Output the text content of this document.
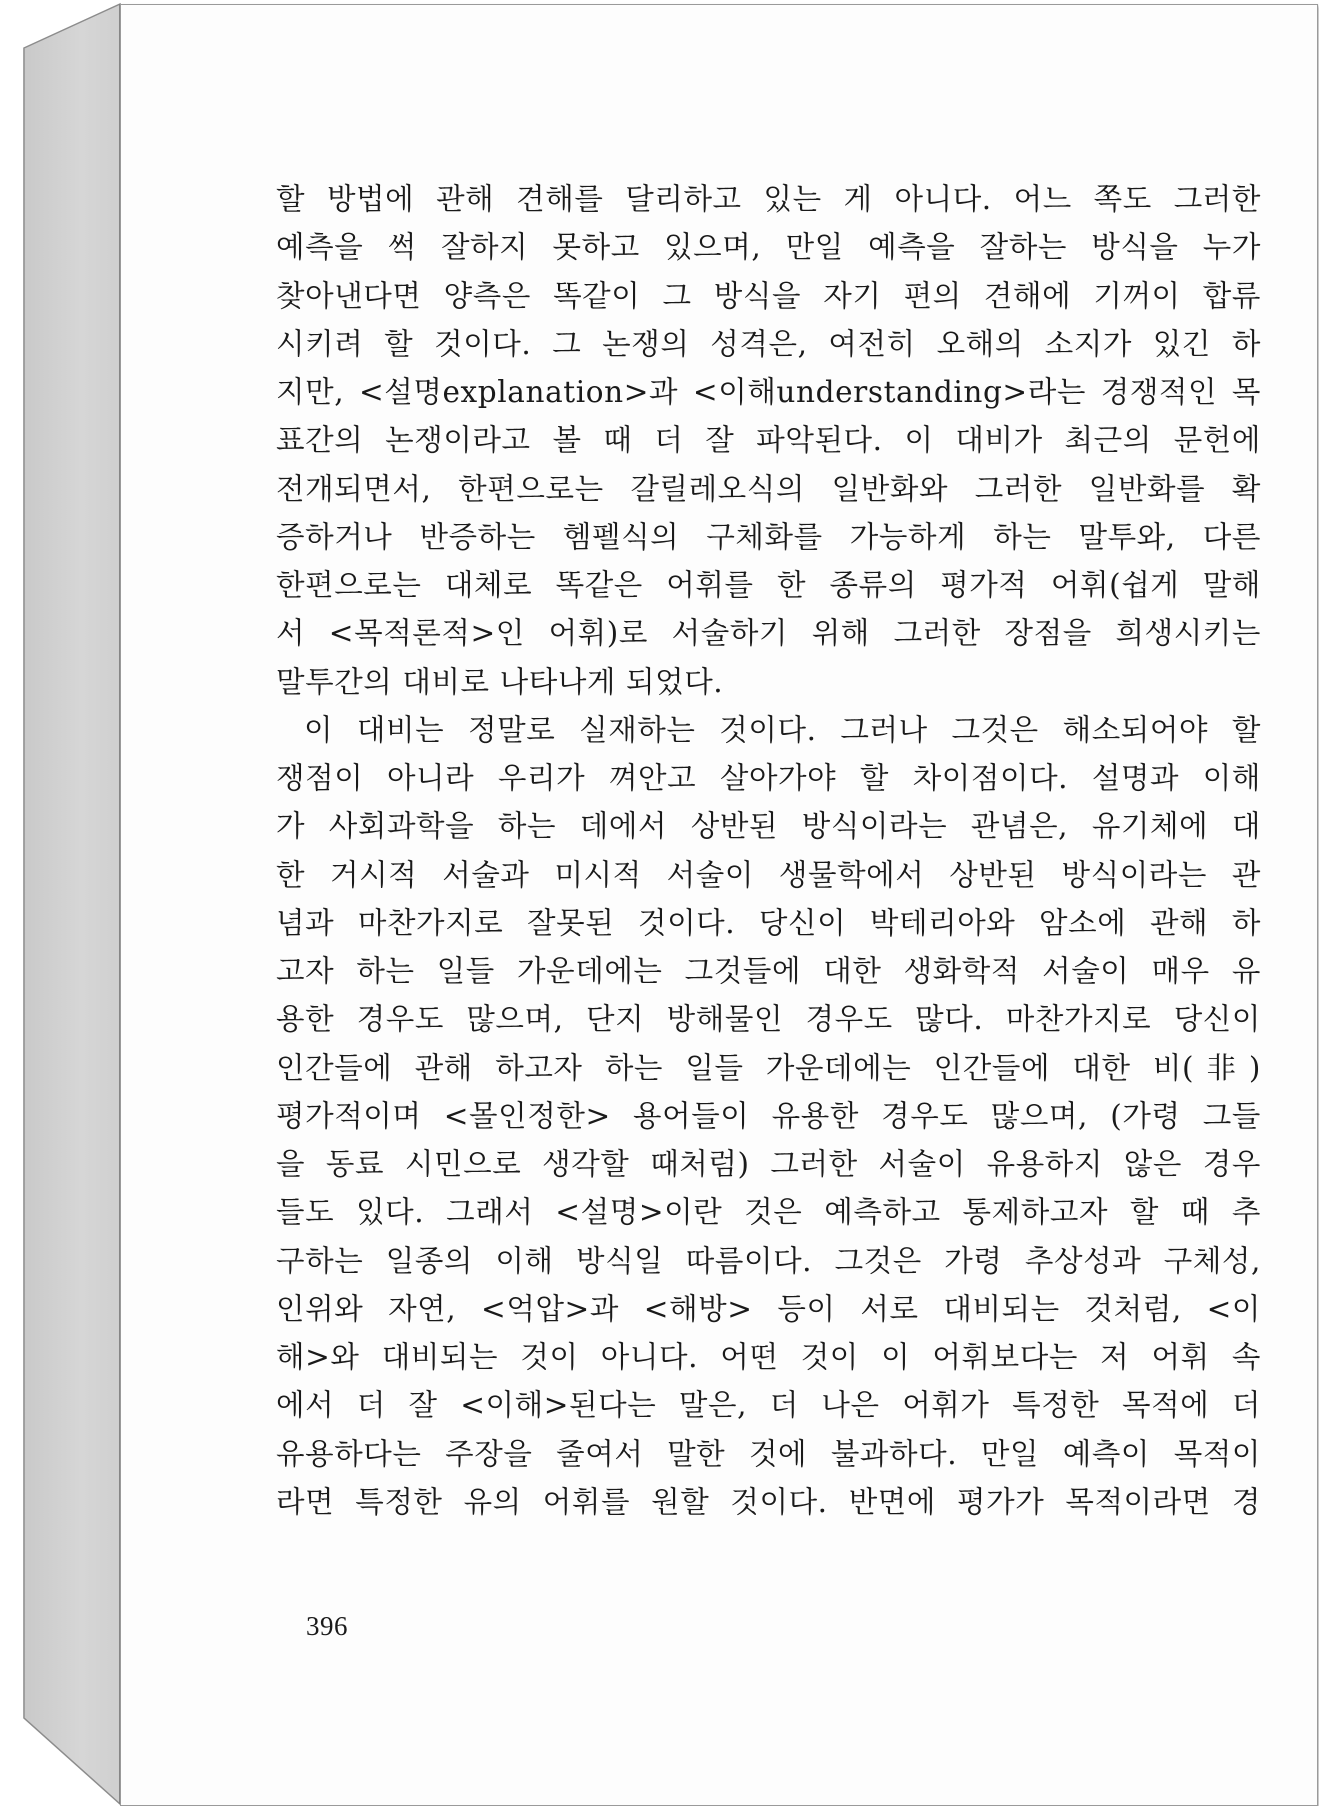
할 방법에 관해 견해를 달리하고 있는 게 아니다. 어느 쪽도 그러한
예측을 썩 잘하지 못하고 있으며, 만일 예측을 잘하는 방식을 누가
찾아낸다면 양측은 똑같이 그 방식을 자기 편의 견해에 기꺼이 합류
시키려 할 것이다. 그 논쟁의 성격은, 여전히 오해의 소지가 있긴 하
지만, <설명explanation>과 <이해understanding>라는 경쟁적인 목
표간의 논쟁이라고 볼 때 더 잘 파악된다. 이 대비가 최근의 문헌에
전개되면서, 한편으로는 갈릴레오식의 일반화와 그러한 일반화를 확
증하거나 반증하는 헴펠식의 구체화를 가능하게 하는 말투와, 다른
한편으로는 대체로 똑같은 어휘를 한 종류의 평가적 어휘(쉽게 말해
서 <목적론적>인 어휘)로 서술하기 위해 그러한 장점을 희생시키는
말투간의 대비로 나타나게 되었다.

이 대비는 정말로 실재하는 것이다. 그러나 그것은 해소되어야 할
쟁점이 아니라 우리가 껴안고 살아가야 할 차이점이다. 설명과 이해
가 사회과학을 하는 데에서 상반된 방식이라는 관념은, 유기체에 대
한 거시적 서술과 미시적 서술이 생물학에서 상반된 방식이라는 관
념과 마찬가지로 잘못된 것이다. 당신이 박테리아와 암소에 관해 하
고자 하는 일들 가운데에는 그것들에 대한 생화학적 서술이 매우 유
용한 경우도 많으며, 단지 방해물인 경우도 많다. 마찬가지로 당신이
인간들에 관해 하고자 하는 일들 가운데에는 인간들에 대한 비(非)
평가적이며 <몰인정한> 용어들이 유용한 경우도 많으며, (가령 그들
을 동료 시민으로 생각할 때처럼) 그러한 서술이 유용하지 않은 경우
들도 있다. 그래서 <설명>이란 것은 예측하고 통제하고자 할 때 추
구하는 일종의 이해 방식일 따름이다. 그것은 가령 추상성과 구체성,
인위와 자연, <억압>과 <해방> 등이 서로 대비되는 것처럼, <이
해>와 대비되는 것이 아니다. 어떤 것이 이 어휘보다는 저 어휘 속
에서 더 잘 <이해>된다는 말은, 더 나은 어휘가 특정한 목적에 더
유용하다는 주장을 줄여서 말한 것에 불과하다. 만일 예측이 목적이
라면 특정한 유의 어휘를 원할 것이다. 반면에 평가가 목적이라면 경

396
